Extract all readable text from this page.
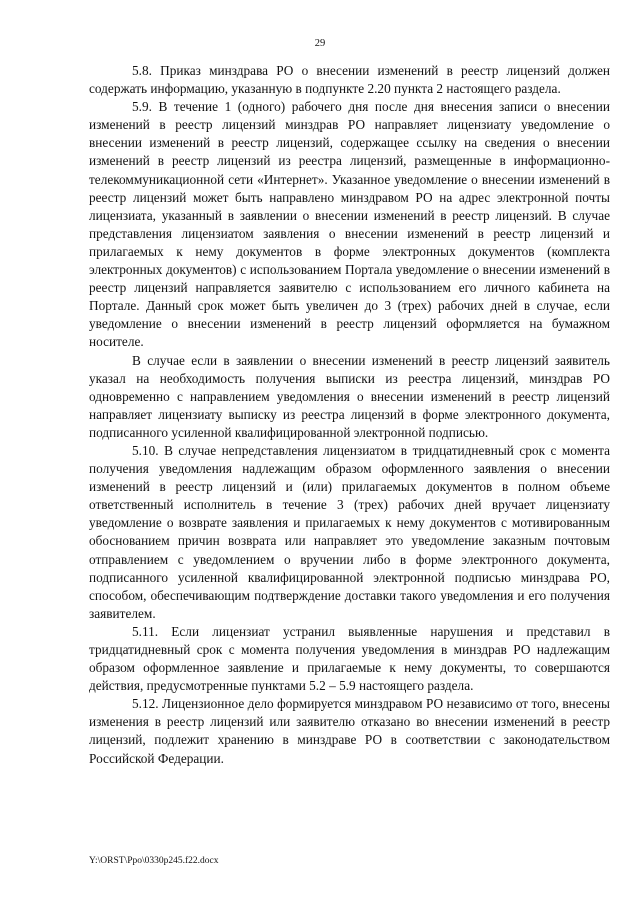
29

5.8. Приказ минздрава РО о внесении изменений в реестр лицензий должен содержать информацию, указанную в подпункте 2.20 пункта 2 настоящего раздела.

5.9. В течение 1 (одного) рабочего дня после дня внесения записи о внесении изменений в реестр лицензий минздрав РО направляет лицензиату уведомление о внесении изменений в реестр лицензий, содержащее ссылку на сведения о внесении изменений в реестр лицензий из реестра лицензий, размещенные в информационно-телекоммуникационной сети «Интернет». Указанное уведомление о внесении изменений в реестр лицензий может быть направлено минздравом РО на адрес электронной почты лицензиата, указанный в заявлении о внесении изменений в реестр лицензий. В случае представления лицензиатом заявления о внесении изменений в реестр лицензий и прилагаемых к нему документов в форме электронных документов (комплекта электронных документов) с использованием Портала уведомление о внесении изменений в реестр лицензий направляется заявителю с использованием его личного кабинета на Портале. Данный срок может быть увеличен до 3 (трех) рабочих дней в случае, если уведомление о внесении изменений в реестр лицензий оформляется на бумажном носителе.

В случае если в заявлении о внесении изменений в реестр лицензий заявитель указал на необходимость получения выписки из реестра лицензий, минздрав РО одновременно с направлением уведомления о внесении изменений в реестр лицензий направляет лицензиату выписку из реестра лицензий в форме электронного документа, подписанного усиленной квалифицированной электронной подписью.

5.10. В случае непредставления лицензиатом в тридцатидневный срок с момента получения уведомления надлежащим образом оформленного заявления о внесении изменений в реестр лицензий и (или) прилагаемых документов в полном объеме ответственный исполнитель в течение 3 (трех) рабочих дней вручает лицензиату уведомление о возврате заявления и прилагаемых к нему документов с мотивированным обоснованием причин возврата или направляет это уведомление заказным почтовым отправлением с уведомлением о вручении либо в форме электронного документа, подписанного усиленной квалифицированной электронной подписью минздрава РО, способом, обеспечивающим подтверждение доставки такого уведомления и его получения заявителем.

5.11. Если лицензиат устранил выявленные нарушения и представил в тридцатидневный срок с момента получения уведомления в минздрав РО надлежащим образом оформленное заявление и прилагаемые к нему документы, то совершаются действия, предусмотренные пунктами 5.2 – 5.9 настоящего раздела.

5.12. Лицензионное дело формируется минздравом РО независимо от того, внесены изменения в реестр лицензий или заявителю отказано во внесении изменений в реестр лицензий, подлежит хранению в минздраве РО в соответствии с законодательством Российской Федерации.

Y:\ORST\Ppo\0330p245.f22.docx
